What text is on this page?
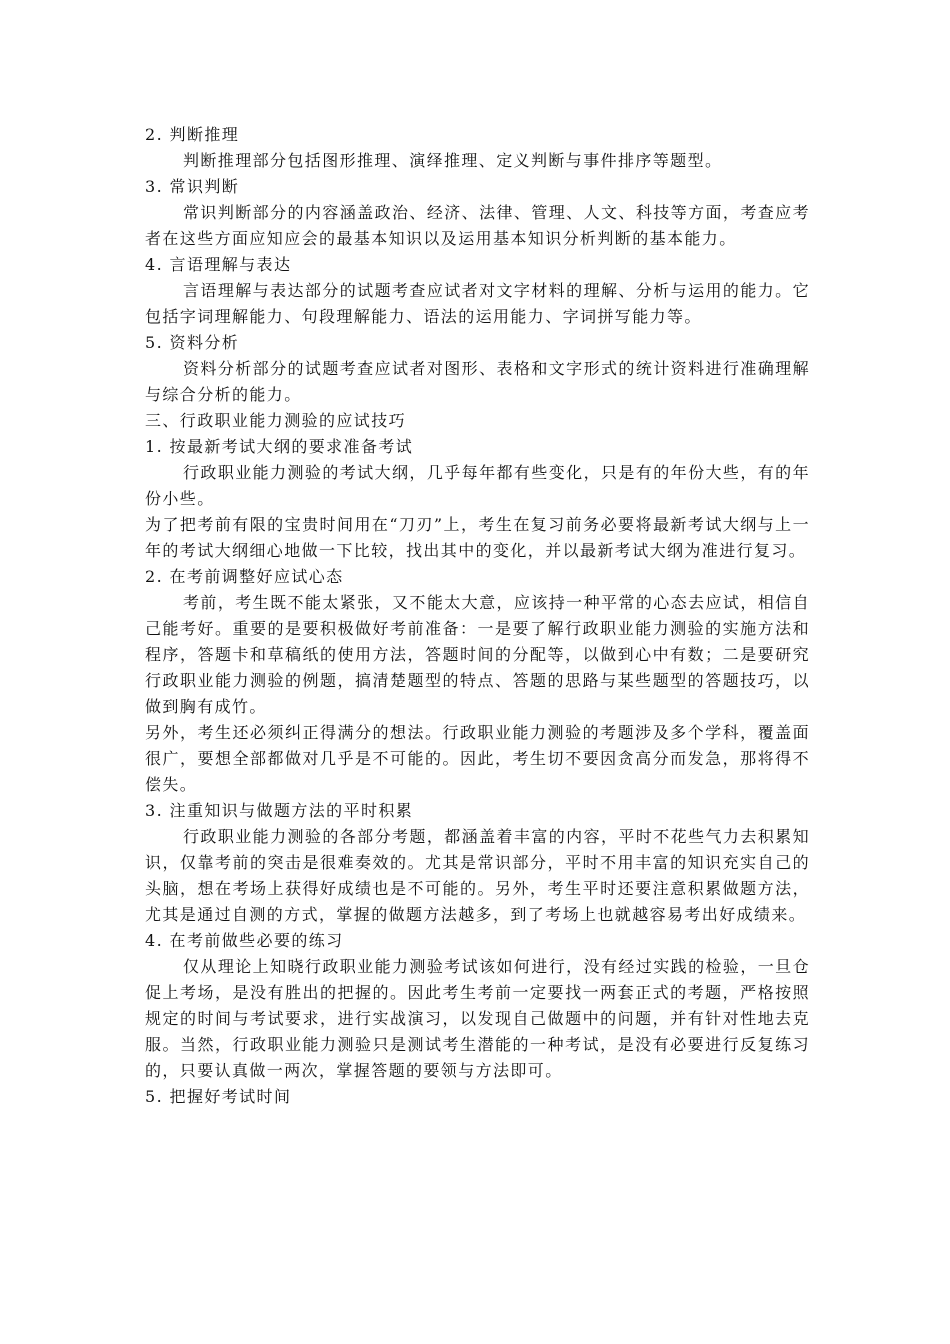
2. 判断推理
判断推理部分包括图形推理、演绎推理、定义判断与事件排序等题型。
3. 常识判断
常识判断部分的内容涵盖政治、经济、法律、管理、人文、科技等方面，考查应考者在这些方面应知应会的最基本知识以及运用基本知识分析判断的基本能力。
4. 言语理解与表达
言语理解与表达部分的试题考查应试者对文字材料的理解、分析与运用的能力。它包括字词理解能力、句段理解能力、语法的运用能力、字词拼写能力等。
5. 资料分析
资料分析部分的试题考查应试者对图形、表格和文字形式的统计资料进行准确理解与综合分析的能力。
三、行政职业能力测验的应试技巧
1. 按最新考试大纲的要求准备考试
行政职业能力测验的考试大纲，几乎每年都有些变化，只是有的年份大些，有的年份小些。
为了把考前有限的宝贵时间用在“刀刃”上，考生在复习前务必要将最新考试大纲与上一年的考试大纲细心地做一下比较，找出其中的变化，并以最新考试大纲为准进行复习。
2. 在考前调整好应试心态
考前，考生既不能太紧张，又不能太大意，应该持一种平常的心态去应试，相信自己能考好。重要的是要积极做好考前准备：一是要了解行政职业能力测验的实施方法和程序，答题卡和草稿纸的使用方法，答题时间的分配等，以做到心中有数；二是要研究行政职业能力测验的例题，搞清楚题型的特点、答题的思路与某些题型的答题技巧，以做到胸有成竹。
另外，考生还必须纠正得满分的想法。行政职业能力测验的考题涉及多个学科，覆盖面很广，要想全部都做对几乎是不可能的。因此，考生切不要因贪高分而发急，那将得不偿失。
3. 注重知识与做题方法的平时积累
行政职业能力测验的各部分考题，都涵盖着丰富的内容，平时不花些气力去积累知识，仅靠考前的突击是很难奏效的。尤其是常识部分，平时不用丰富的知识充实自己的头脑，想在考场上获得好成绩也是不可能的。另外，考生平时还要注意积累做题方法，尤其是通过自测的方式，掌握的做题方法越多，到了考场上也就越容易考出好成绩来。
4. 在考前做些必要的练习
仅从理论上知晓行政职业能力测验考试该如何进行，没有经过实践的检验，一旦仓促上考场，是没有胜出的把握的。因此考生考前一定要找一两套正式的考题，严格按照规定的时间与考试要求，进行实战演习，以发现自己做题中的问题，并有针对性地去克服。当然，行政职业能力测验只是测试考生潜能的一种考试，是没有必要进行反复练习的，只要认真做一两次，掌握答题的要领与方法即可。
5. 把握好考试时间
